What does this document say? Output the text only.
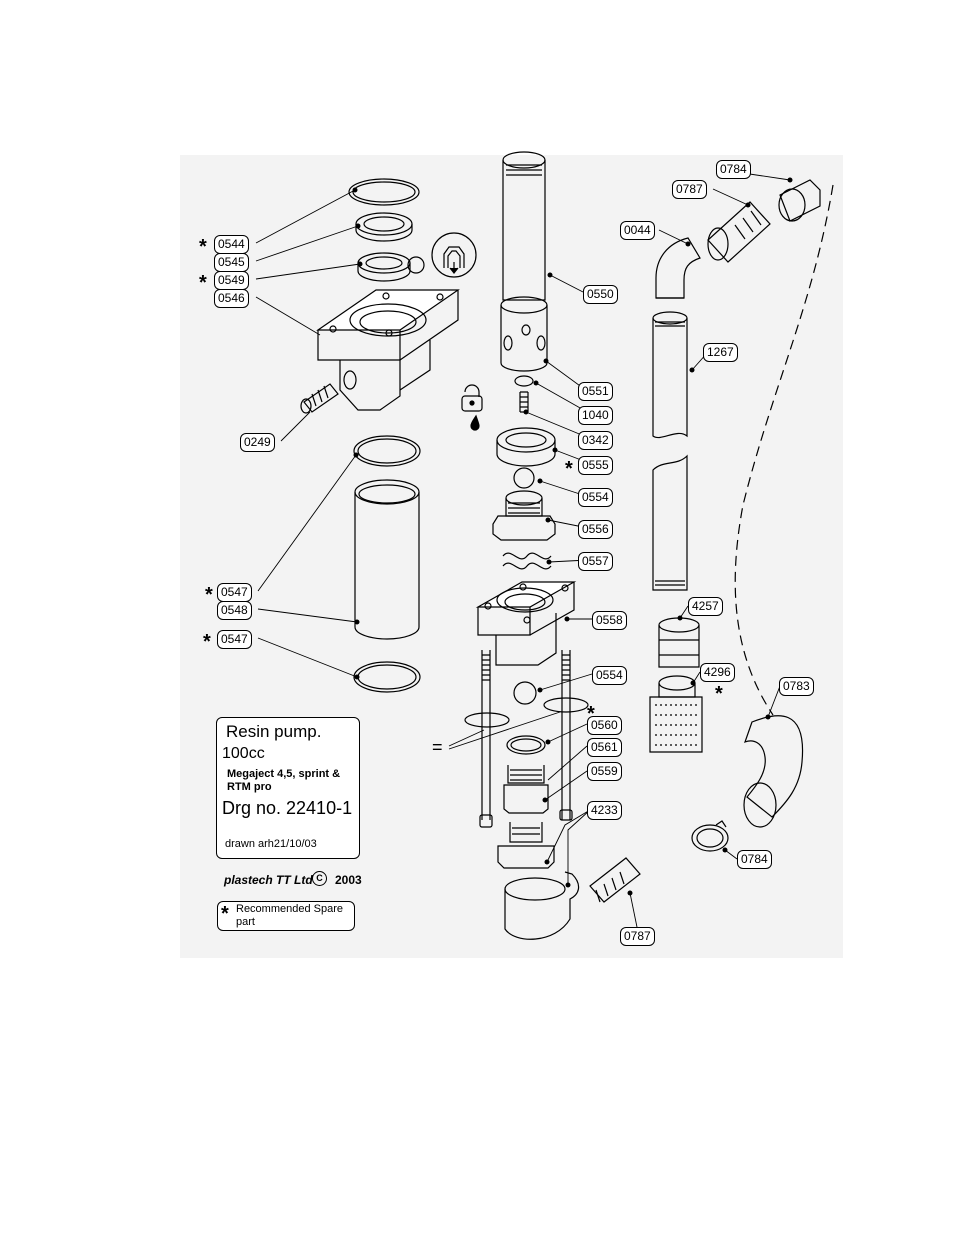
0544
0545
0549
0546
0249
0547
0548
0547
0550
0551
1040
0342
0555
0554
0556
0557
0558
0554
0560
0561
0559
4233
0787
0784
0787
0044
1267
4257
4296
0783
0784
*
*
*
*
*
*
*
=
Resin pump.
100cc
Megaject 4,5, sprint & RTM pro
Drg no. 22410-1
drawn arh21/10/03
plastech TT Ltd C	2003
* Recommended Spare part
